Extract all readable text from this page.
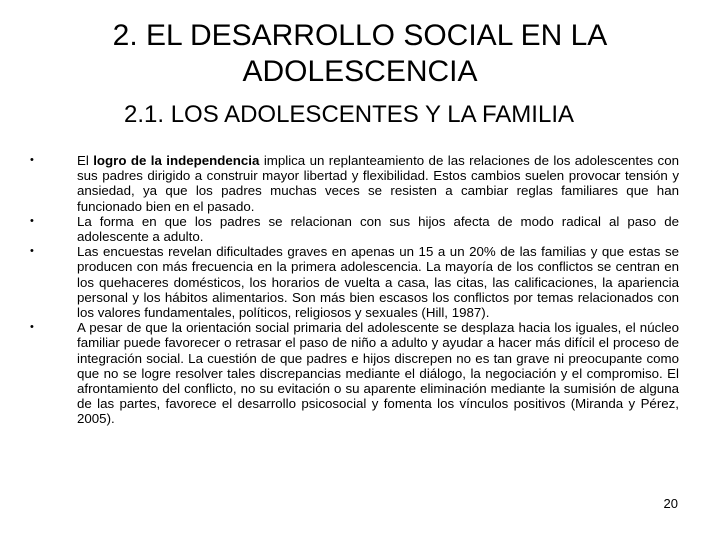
2. EL DESARROLLO SOCIAL EN LA ADOLESCENCIA
2.1. LOS ADOLESCENTES Y LA FAMILIA
•	El logro de la independencia implica un replanteamiento de las relaciones de los adolescentes con sus padres dirigido a construir mayor libertad y flexibilidad. Estos cambios suelen provocar tensión y ansiedad, ya que los padres muchas veces se resisten a cambiar reglas familiares que han funcionado bien en el pasado.
•	La forma en que los padres se relacionan con sus hijos afecta de modo radical al paso de adolescente a adulto.
•	Las encuestas revelan dificultades graves en apenas un 15 a un 20% de las familias y que estas se producen con más frecuencia en la primera adolescencia. La mayoría de los conflictos se centran en los quehaceres domésticos, los horarios de vuelta a casa, las citas, las calificaciones, la apariencia personal y los hábitos alimentarios. Son más bien escasos los conflictos por temas relacionados con los valores fundamentales, políticos, religiosos y sexuales (Hill, 1987).
•	A pesar de que la orientación social primaria del adolescente se desplaza hacia los iguales, el núcleo familiar puede favorecer o retrasar el paso de niño a adulto y ayudar a hacer más difícil el proceso de integración social. La cuestión de que padres e hijos discrepen no es tan grave ni preocupante como que no se logre resolver tales discrepancias mediante el diálogo, la negociación y el compromiso. El afrontamiento del conflicto, no su evitación o su aparente eliminación mediante la sumisión de alguna de las partes, favorece el desarrollo psicosocial y fomenta los vínculos positivos (Miranda y Pérez, 2005).
20
